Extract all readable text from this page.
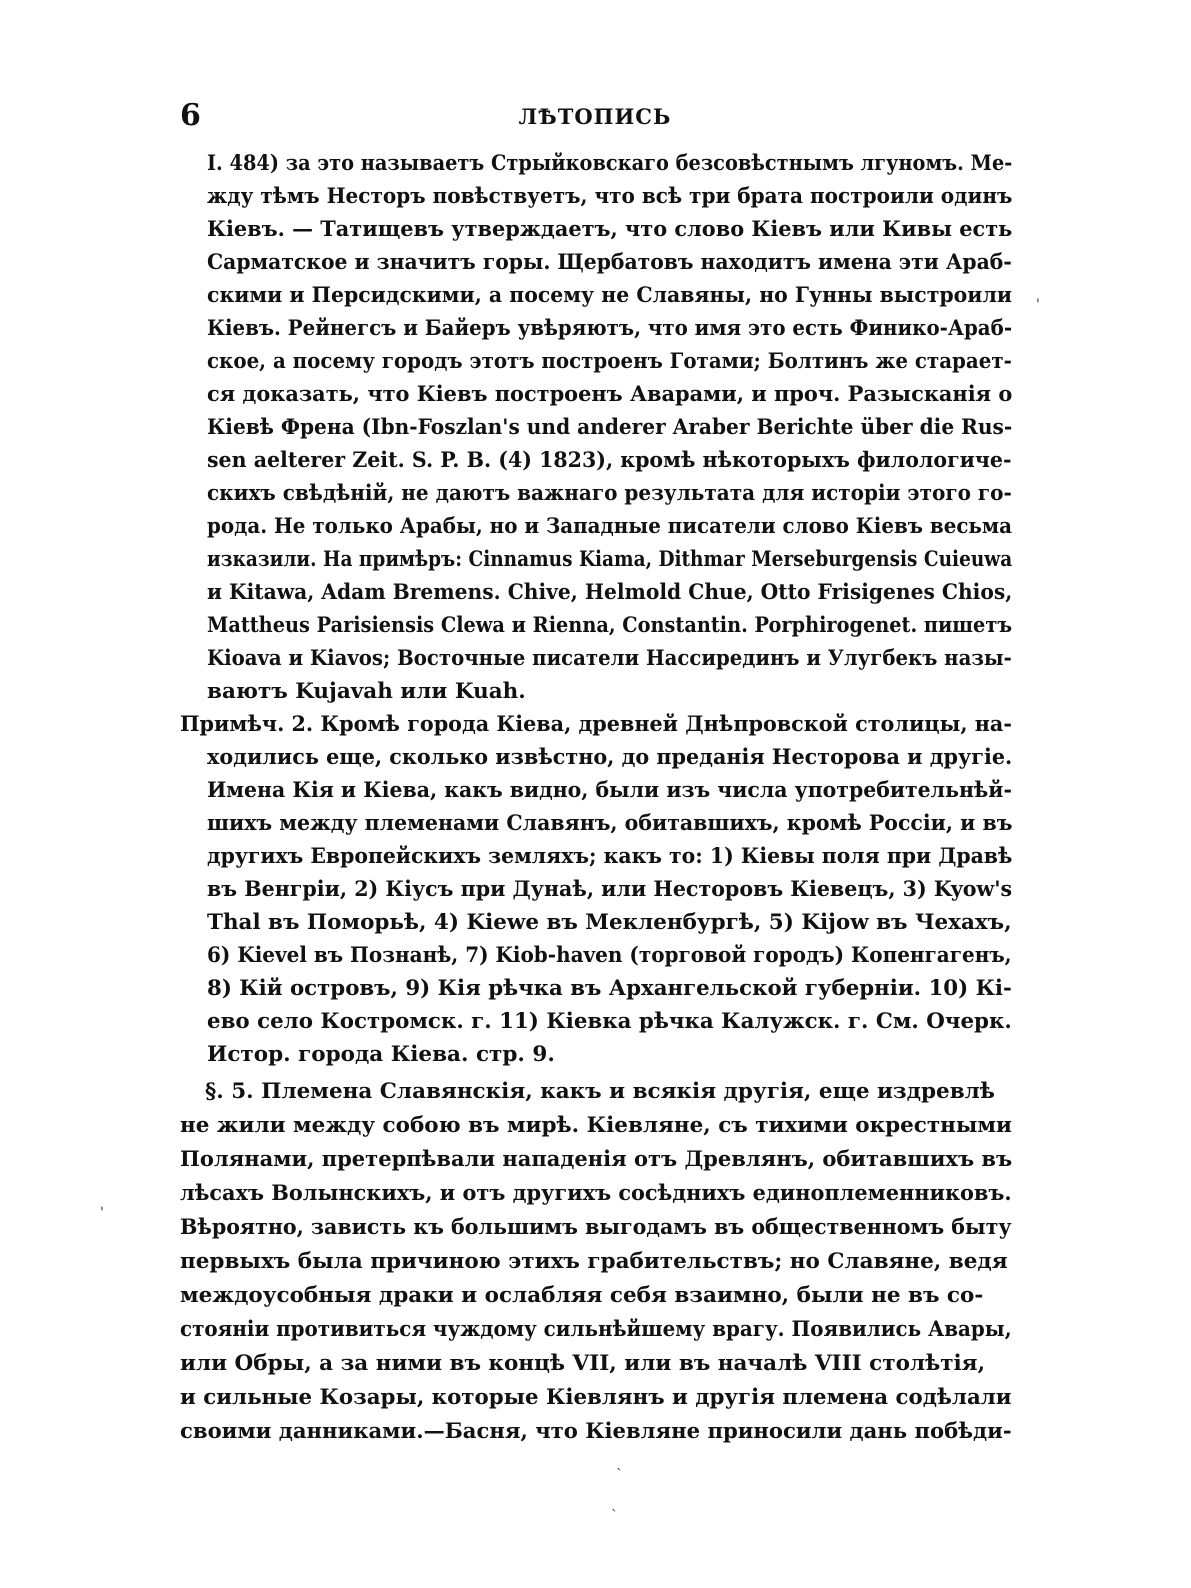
6	ЛѢТОПИСЬ
I. 484) за это называетъ Стрыйковскаго безсовѣстнымъ лгуномъ. Ме-
жду тѣмъ Несторъ повѣствуетъ, что всѣ три брата построили одинъ
Кіевъ. — Татищевъ утверждаетъ, что слово Кіевъ или Кивы есть
Сарматское и значитъ горы. Щербатовъ находитъ имена эти Араб-
скими и Персидскими, а посему не Славяны, но Гунны выстроили
Кіевъ. Рейнегсъ и Байеръ увѣряютъ, что имя это есть Финико-Араб-
ское, а посему городъ этотъ построенъ Готами; Болтинъ же старает-
ся доказать, что Кіевъ построенъ Аварами, и проч. Разысканія о
Кіевѣ Френа (Ibn-Foszlan's und anderer Araber Berichte über die Rus-
sen aelterer Zeit. S. P. B. (4) 1823), кромѣ нѣкоторыхъ филологиче-
скихъ свѣдѣній, не даютъ важнаго результата для исторіи этого го-
рода. Не только Арабы, но и Западные писатели слово Кіевъ весьма
изказили. На примѣръ: Cinnamus Kiama, Dithmar Merseburgensis Cuieuwa
и Kitawa, Adam Bremens. Chive, Helmold Chue, Otto Frisigenes Chios,
Mattheus Parisiensis Clewa и Rienna, Constantin. Porphirogenet. пишетъ
Kioava и Kiavos; Восточные писатели Нассирединъ и Улугбекъ назы-
ваютъ Kujavah или Kuah.
Примѣч. 2. Кромѣ города Кіева, древней Днѣпровской столицы, на-
ходились еще, сколько извѣстно, до преданія Несторова и другіе.
Имена Кія и Кіева, какъ видно, были изъ числа употребительнѣй-
шихъ между племенами Славянъ, обитавшихъ, кромѣ Россіи, и въ
другихъ Европейскихъ земляхъ; какъ то: 1) Кіевы поля при Дравѣ
въ Венгріи, 2) Кіусъ при Дунаѣ, или Несторовъ Кіевецъ, 3) Kyow's
Thal въ Поморьѣ, 4) Kiewe въ Мекленбургѣ, 5) Kijow въ Чехахъ,
6) Kievel въ Познанѣ, 7) Kiob-haven (торговой городъ) Копенгагенъ,
8) Кій островъ, 9) Кія рѣчка въ Архангельской губерніи. 10) Кі-
ево село Костромск. г. 11) Кіевка рѣчка Калужск. г. См. Очерк.
Истор. города Кіева. стр. 9.
§. 5. Племена Славянскія, какъ и всякія другія, еще издревлѣ
не жили между собою въ мирѣ. Кіевляне, съ тихими окрестными
Полянами, претерпѣвали нападенія отъ Древлянъ, обитавшихъ въ
лѣсахъ Волынскихъ, и отъ другихъ сосѣднихъ единоплеменниковъ.
Вѣроятно, зависть къ большимъ выгодамъ въ общественномъ быту
первыхъ была причиною этихъ грабительствъ; но Славяне, ведя
междоусобныя драки и ослабляя себя взаимно, были не въ со-
стояніи противиться чуждому сильнѣйшему врагу. Появились Авары,
или Обры, а за ними въ концѣ VII, или въ началѣ VIII столѣтія,
и сильные Козары, которые Кіевлянъ и другія племена содѣлали
своими данниками.—Басня, что Кіевляне приносили дань побѣди-
'
'
`
`
